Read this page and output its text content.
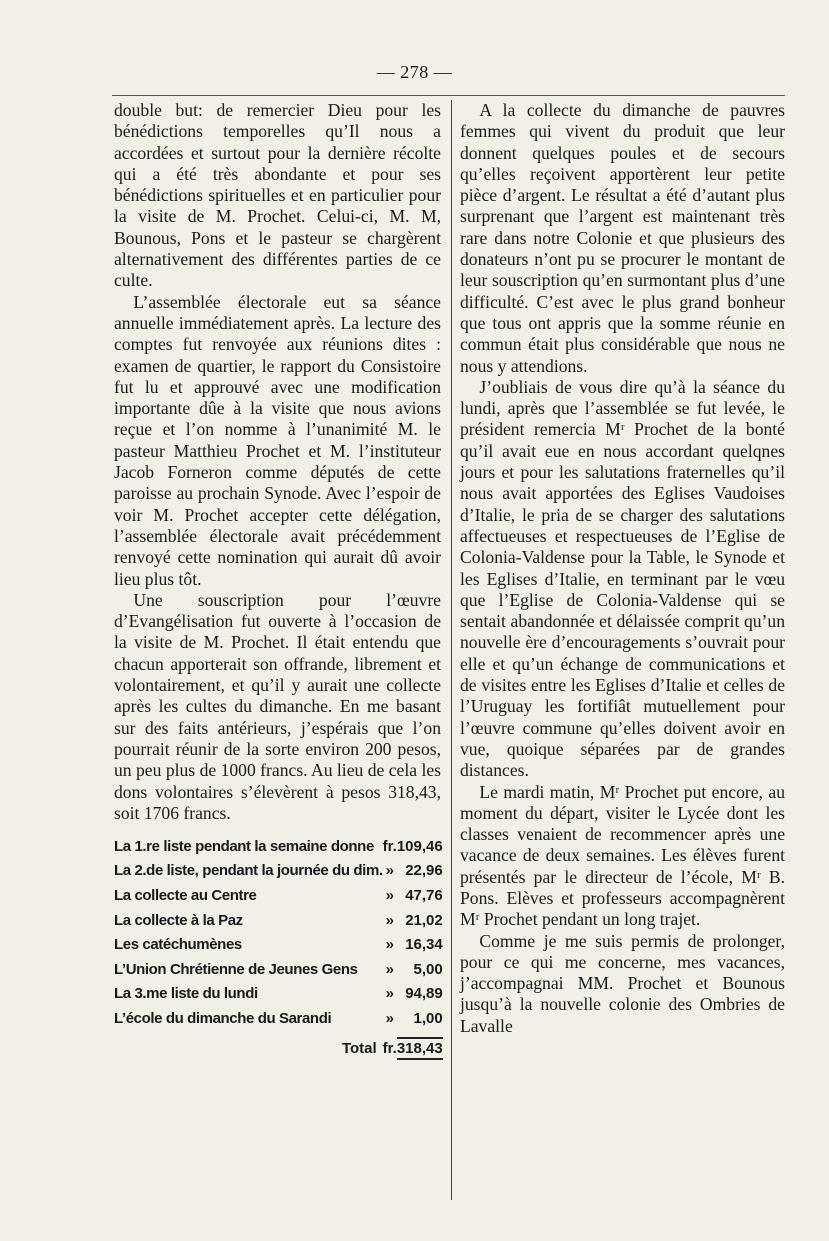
— 278 —

double but: de remercier Dieu pour les bénédictions temporelles qu’Il nous a accordées et surtout pour la dernière récolte qui a été très abondante et pour ses bénédictions spirituelles et en particulier pour la visite de M. Prochet. Celui-ci, M. M, Bounous, Pons et le pasteur se chargèrent alternativement des différentes parties de ce culte.

L’assemblée électorale eut sa séance annuelle immédiatement après. La lecture des comptes fut renvoyée aux réunions dites : examen de quartier, le rapport du Consistoire fut lu et approuvé avec une modification importante dûe à la visite que nous avions reçue et l’on nomme à l’unanimité M. le pasteur Matthieu Prochet et M. l’instituteur Jacob Forneron comme députés de cette paroisse au prochain Synode. Avec l’espoir de voir M. Prochet accepter cette délégation, l’assemblée électorale avait précédemment renvoyé cette nomination qui aurait dû avoir lieu plus tôt.

Une souscription pour l’œuvre d’Evangélisation fut ouverte à l’occasion de la visite de M. Prochet. Il était entendu que chacun apporterait son offrande, librement et volontairement, et qu’il y aurait une collecte après les cultes du dimanche. En me basant sur des faits antérieurs, j’espérais que l’on pourrait réunir de la sorte environ 200 pesos, un peu plus de 1000 francs. Au lieu de cela les dons volontaires s’élevèrent à pesos 318,43, soit 1706 francs.

La 1.re liste pendant la semaine donne	fr.	109,46
La 2.de liste, pendant la journée du dim.	»	22,96
La collecte au Centre	»	47,76
La collecte à la Paz	»	21,02
Les catéchumènes	»	16,34
L’Union Chrétienne de Jeunes Gens	»	5,00
La 3.me liste du lundi	»	94,89
L’école du dimanche du Sarandi	»	1,00
Total	fr.	318,43

A la collecte du dimanche de pauvres femmes qui vivent du produit que leur donnent quelques poules et de secours qu’elles reçoivent apportèrent leur petite pièce d’argent. Le résultat a été d’autant plus surprenant que l’argent est maintenant très rare dans notre Colonie et que plusieurs des donateurs n’ont pu se procurer le montant de leur souscription qu’en surmontant plus d’une difficulté. C’est avec le plus grand bonheur que tous ont appris que la somme réunie en commun était plus considérable que nous ne nous y attendions.

J’oubliais de vous dire qu’à la séance du lundi, après que l’assemblée se fut levée, le président remercia Mʳ Prochet de la bonté qu’il avait eue en nous accordant quelqnes jours et pour les salutations fraternelles qu’il nous avait apportées des Eglises Vaudoises d’Italie, le pria de se charger des salutations affectueuses et respectueuses de l’Eglise de Colonia-Valdense pour la Table, le Synode et les Eglises d’Italie, en terminant par le vœu que l’Eglise de Colonia-Valdense qui se sentait abandonnée et délaissée comprit qu’un nouvelle ère d’encouragements s’ouvrait pour elle et qu’un échange de communications et de visites entre les Eglises d’Italie et celles de l’Uruguay les fortifiât mutuellement pour l’œuvre commune qu’elles doivent avoir en vue, quoique séparées par de grandes distances.

Le mardi matin, Mʳ Prochet put encore, au moment du départ, visiter le Lycée dont les classes venaient de recommencer après une vacance de deux semaines. Les élèves furent présentés par le directeur de l’école, Mʳ B. Pons. Elèves et professeurs accompagnèrent Mʳ Prochet pendant un long trajet.

Comme je me suis permis de prolonger, pour ce qui me concerne, mes vacances, j’accompagnai MM. Prochet et Bounous jusqu’à la nouvelle colonie des Ombries de Lavalle
